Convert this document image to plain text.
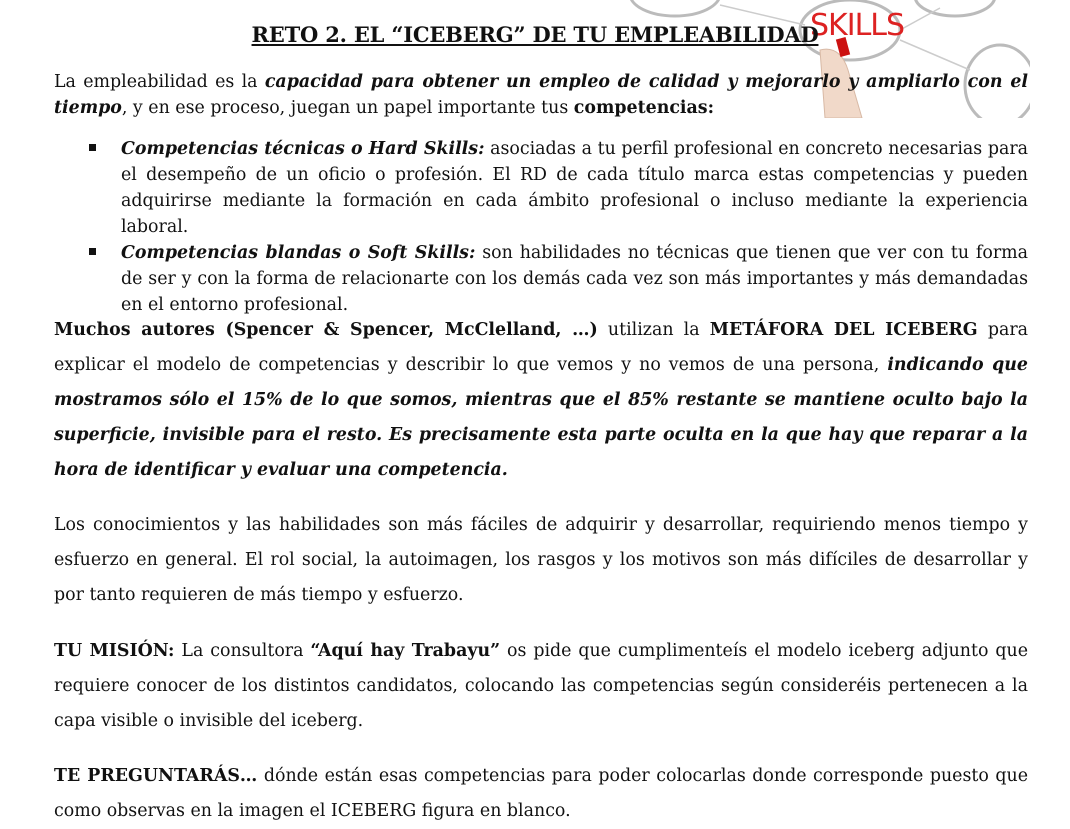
SKILLS
RETO 2. EL “ICEBERG” DE TU EMPLEABILIDAD

La empleabilidad es la capacidad para obtener un empleo de calidad y mejorarlo y ampliarlo con el tiempo, y en ese proceso, juegan un papel importante tus competencias:

Competencias técnicas o Hard Skills: asociadas a tu perfil profesional en concreto necesarias para el desempeño de un oficio o profesión. El RD de cada título marca estas competencias y pueden adquirirse mediante la formación en cada ámbito profesional o incluso mediante la experiencia laboral.
Competencias blandas o Soft Skills: son habilidades no técnicas que tienen que ver con tu forma de ser y con la forma de relacionarte con los demás cada vez son más importantes y más demandadas en el entorno profesional.

Muchos autores (Spencer & Spencer, McClelland, …) utilizan la METÁFORA DEL ICEBERG para explicar el modelo de competencias y describir lo que vemos y no vemos de una persona, indicando que mostramos sólo el 15% de lo que somos, mientras que el 85% restante se mantiene oculto bajo la superficie, invisible para el resto. Es precisamente esta parte oculta en la que hay que reparar a la hora de identificar y evaluar una competencia.

Los conocimientos y las habilidades son más fáciles de adquirir y desarrollar, requiriendo menos tiempo y esfuerzo en general. El rol social, la autoimagen, los rasgos y los motivos son más difíciles de desarrollar y por tanto requieren de más tiempo y esfuerzo.

TU MISIÓN: La consultora “Aquí hay Trabayu” os pide que cumplimenteís el modelo iceberg adjunto que requiere conocer de los distintos candidatos, colocando las competencias según consideréis pertenecen a la capa visible o invisible del iceberg.

TE PREGUNTARÁS… dónde están esas competencias para poder colocarlas donde corresponde puesto que como observas en la imagen el ICEBERG figura en blanco.
